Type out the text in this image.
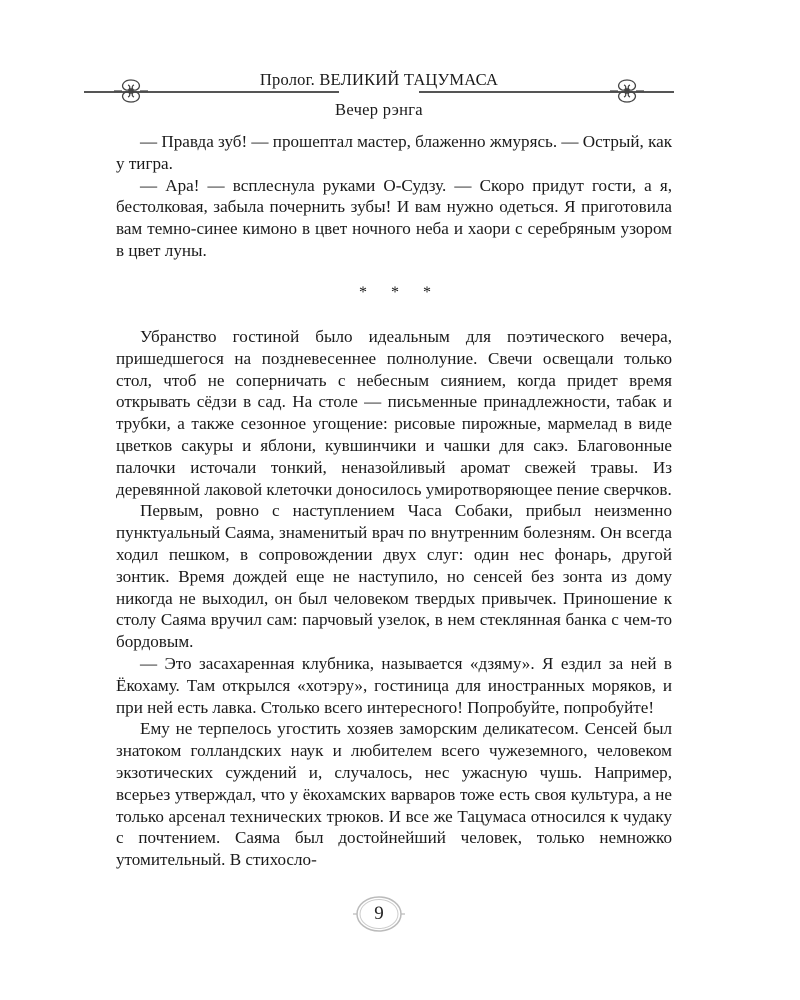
Пролог. ВЕЛИКИЙ ТАЦУМАСА
Вечер рэнга

— Правда зуб! — прошептал мастер, блаженно жмурясь. — Острый, как у тигра.

— Ара! — всплеснула руками О-Судзу. — Скоро придут гости, а я, бестолковая, забыла почернить зубы! И вам нужно одеться. Я приготовила вам темно-синее кимоно в цвет ночного неба и хаори с серебряным узором в цвет луны.

* * *

Убранство гостиной было идеальным для поэтического вечера, пришедшегося на поздневесеннее полнолуние. Свечи освещали только стол, чтоб не соперничать с небесным сиянием, когда придет время открывать сёдзи в сад. На столе — письменные принадлежности, табак и трубки, а также сезонное угощение: рисовые пирожные, мармелад в виде цветков сакуры и яблони, кувшинчики и чашки для сакэ. Благовонные палочки источали тонкий, неназойливый аромат свежей травы. Из деревянной лаковой клеточки доносилось умиротворяющее пение сверчков.

Первым, ровно с наступлением Часа Собаки, прибыл неизменно пунктуальный Саяма, знаменитый врач по внутренним болезням. Он всегда ходил пешком, в сопровождении двух слуг: один нес фонарь, другой зонтик. Время дождей еще не наступило, но сенсей без зонта из дому никогда не выходил, он был человеком твердых привычек. Приношение к столу Саяма вручил сам: парчовый узелок, в нем стеклянная банка с чем-то бордовым.

— Это засахаренная клубника, называется «дзяму». Я ездил за ней в Ёкохаму. Там открылся «хотэру», гостиница для иностранных моряков, и при ней есть лавка. Столько всего интересного! Попробуйте, попробуйте!

Ему не терпелось угостить хозяев заморским деликатесом. Сенсей был знатоком голландских наук и любителем всего чужеземного, человеком экзотических суждений и, случалось, нес ужасную чушь. Например, всерьез утверждал, что у ёкохамских варваров тоже есть своя культура, а не только арсенал технических трюков. И все же Тацумаса относился к чудаку с почтением. Саяма был достойнейший человек, только немножко утомительный. В стихосло-

9
